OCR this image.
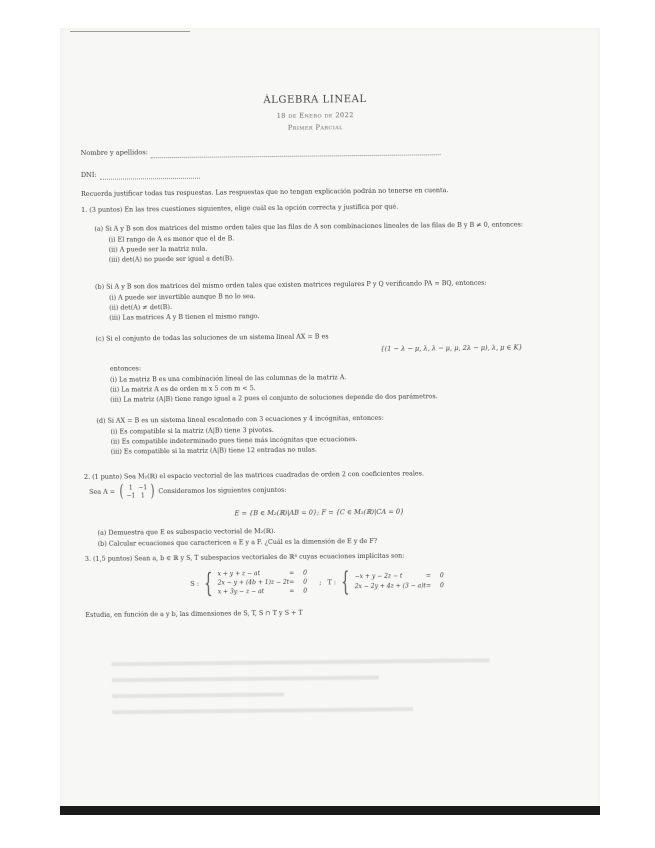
ÁLGEBRA LINEAL
18 de Enero de 2022
Primer Parcial
Nombre y apellidos:
DNI:
Recuerda justificar todas tus respuestas. Las respuestas que no tengan explicación podrán no tenerse en cuenta.
1. (3 puntos) En las tres cuestiones siguientes, elige cuál es la opción correcta y justifica por qué.
(a) Si A y B son dos matrices del mismo orden tales que las filas de A son combinaciones lineales de las filas de B y B ≠ 0, entonces:
(i) El rango de A es menor que el de B.
(ii) A puede ser la matriz nula.
(iii) det(A) no puede ser igual a det(B).
(b) Si A y B son dos matrices del mismo orden tales que existen matrices regulares P y Q verificando PA = BQ, entonces:
(i) A puede ser invertible aunque B no lo sea.
(ii) det(A) ≠ det(B).
(iii) Las matrices A y B tienen el mismo rango.
(c) Si el conjunto de todas las soluciones de un sistema lineal AX = B es
{(1 − λ − μ, λ, λ − μ, μ, 2λ − μ), λ, μ ∈ K}
entonces:
(i) La matriz B es una combinación lineal de las columnas de la matriz A.
(ii) La matriz A es de orden m x 5 con m < 5.
(iii) La matriz (A|B) tiene rango igual a 2 pues el conjunto de soluciones depende de dos parámetros.
(d) Si AX = B es un sistema lineal escalonado con 3 ecuaciones y 4 incógnitas, entonces:
(i) Es compatible si la matriz (A|B) tiene 3 pivotes.
(ii) Es compatible indeterminado pues tiene más incógnitas que ecuaciones.
(iii) Es compatible si la matriz (A|B) tiene 12 entradas no nulas.
2. (1 punto) Sea M₂(ℝ) el espacio vectorial de las matrices cuadradas de orden 2 con coeficientes reales.
Sea A = ( 1 −1
−1 1 ) Consideramos los siguientes conjuntos:
E = {B ∈ M₂(ℝ)|AB = 0}; F = {C ∈ M₂(ℝ)|CA = 0}
(a) Demuestra que E es subespacio vectorial de M₂(ℝ).
(b) Calcular ecuaciones que caractericen a E y a F. ¿Cuál es la dimensión de E y de F?
3. (1,5 puntos) Sean a, b ∈ ℝ y S, T subespacios vectoriales de ℝ⁴ cuyas ecuaciones implícitas son:
S : { x + y + z − at	=	0
2x − y + (4b + 1)z − 2t =	0
x + 3y − z − at	=	0
; T : { −x + y − 2z − t	=	0
2x − 2y + 4z + (3 − a)t =	0
Estudia, en función de a y b, las dimensiones de S, T, S ∩ T y S + T
